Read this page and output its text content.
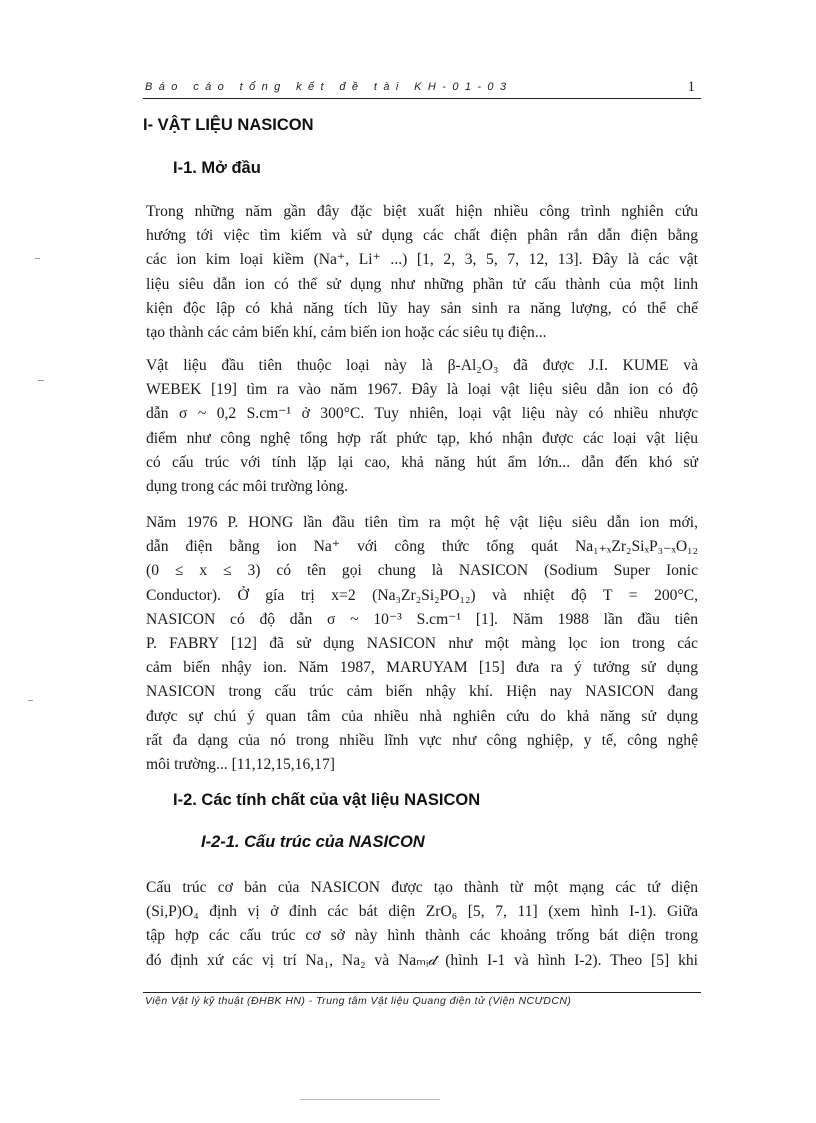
Báo cáo tổng kết đề tài KH-01-03	1
I- VẬT LIỆU NASICON
I-1. Mở đầu
Trong những năm gần đây đặc biệt xuất hiện nhiều công trình nghiên cứu
hướng tới việc tìm kiếm và sử dụng các chất điện phân rắn dẫn điện bằng
các ion kim loại kiềm (Na⁺, Li⁺ ...) [1, 2, 3, 5, 7, 12, 13]. Đây là các vật
liệu siêu dẫn ion có thể sử dụng như những phần tử cấu thành của một linh
kiện độc lập có khả năng tích lũy hay sản sinh ra năng lượng, có thể chế
tạo thành các cảm biến khí, cảm biến ion hoặc các siêu tụ điện...
Vật liệu đầu tiên thuộc loại này là β-Al₂O₃ đã được J.I. KUME và
WEBEK [19] tìm ra vào năm 1967. Đây là loại vật liệu siêu dẫn ion có độ
dẫn σ ~ 0,2 S.cm⁻¹ ở 300°C. Tuy nhiên, loại vật liệu này có nhiều nhược
điểm như công nghệ tổng hợp rất phức tạp, khó nhận được các loại vật liệu
có cấu trúc với tính lặp lại cao, khả năng hút ẩm lớn... dẫn đến khó sử
dụng trong các môi trường lỏng.
Năm 1976 P. HONG lần đầu tiên tìm ra một hệ vật liệu siêu dẫn ion mới,
dẫn điện bằng ion Na⁺ với công thức tổng quát Na₁₊ₓZr₂SiₓP₃₋ₓO₁₂
(0 ≤ x ≤ 3) có tên gọi chung là NASICON (Sodium Super Ionic
Conductor). Ở gía trị x=2 (Na₃Zr₂Si₂PO₁₂) và nhiệt độ T = 200°C,
NASICON có độ dẫn σ ~ 10⁻³ S.cm⁻¹ [1]. Năm 1988 lần đầu tiên
P. FABRY [12] đã sử dụng NASICON như một màng lọc ion trong các
cảm biến nhậy ion. Năm 1987, MARUYAM [15] đưa ra ý tưởng sử dụng
NASICON trong cấu trúc cảm biến nhậy khí. Hiện nay NASICON đang
được sự chú ý quan tâm của nhiều nhà nghiên cứu do khả năng sử dụng
rất đa dạng của nó trong nhiều lĩnh vực như công nghiệp, y tế, công nghệ
môi trường... [11,12,15,16,17]
I-2. Các tính chất của vật liệu NASICON
I-2-1. Cấu trúc của NASICON
Cấu trúc cơ bản của NASICON được tạo thành từ một mạng các tứ diện
(Si,P)O₄ định vị ở đỉnh các bát diện ZrO₆ [5, 7, 11] (xem hình I-1). Giữa
tập hợp các cấu trúc cơ sở này hình thành các khoảng trống bát diện trong
đó định xứ các vị trí Na₁, Na₂ và Naₘᵢ𝒹 (hình I-1 và hình I-2). Theo [5] khi
Viện Vật lý kỹ thuật (ĐHBK HN) - Trung tâm Vật liệu Quang điện tử (Viện NCƯDCN)
